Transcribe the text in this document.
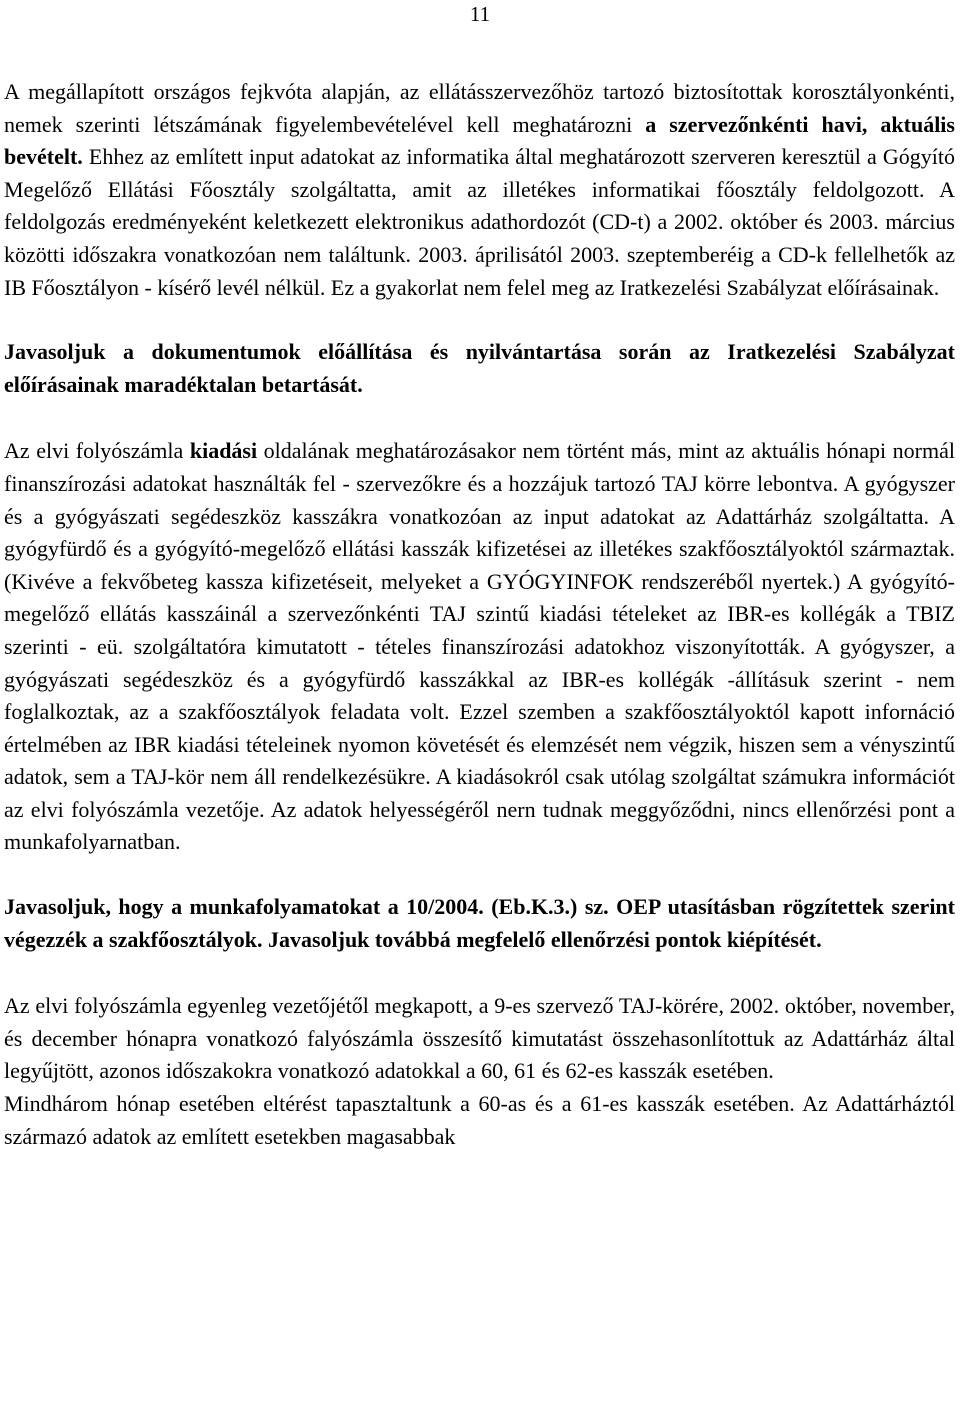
11

A megállapított országos fejkvóta alapján, az ellátásszervezőhöz tartozó biztosítottak korosztályonkénti, nemek szerinti létszámának figyelembevételével kell meghatározni a szervezőnkénti havi, aktuális bevételt. Ehhez az említett input adatokat az informatika által meghatározott szerveren keresztül a Gógyító Megelőző Ellátási Főosztály szolgáltatta, amit az illetékes informatikai főosztály feldolgozott. A feldolgozás eredményeként keletkezett elektronikus adathordozót (CD-t) a 2002. október és 2003. március közötti időszakra vonatkozóan nem találtunk. 2003. áprilisától 2003. szeptemberéig a CD-k fellelhetők az IB Főosztályon - kísérő levél nélkül. Ez a gyakorlat nem felel meg az Iratkezelési Szabályzat előírásainak.

Javasoljuk a dokumentumok előállítása és nyilvántartása során az Iratkezelési Szabályzat előírásainak maradéktalan betartását.

Az elvi folyószámla kiadási oldalának meghatározásakor nem történt más, mint az aktuális hónapi normál finanszírozási adatokat használták fel - szervezőkre és a hozzájuk tartozó TAJ körre lebontva. A gyógyszer és a gyógyászati segédeszköz kasszákra vonatkozóan az input adatokat az Adattárház szolgáltatta. A gyógyfürdő és a gyógyító-megelőző ellátási kasszák kifizetései az illetékes szakfőosztályoktól származtak. (Kivéve a fekvőbeteg kassza kifizetéseit, melyeket a GYÓGYINFOK rendszeréből nyertek.) A gyógyító-megelőző ellátás kasszáinál a szervezőnkénti TAJ szintű kiadási tételeket az IBR-es kollégák a TBIZ szerinti - eü. szolgáltatóra kimutatott - tételes finanszírozási adatokhoz viszonyították. A gyógyszer, a gyógyászati segédeszköz és a gyógyfürdő kasszákkal az IBR-es kollégák -állításuk szerint - nem foglalkoztak, az a szakfőosztályok feladata volt. Ezzel szemben a szakfőosztályoktól kapott infornáció értelmében az IBR kiadási tételeinek nyomon követését és elemzését nem végzik, hiszen sem a vényszintű adatok, sem a TAJ-kör nem áll rendelkezésükre. A kiadásokról csak utólag szolgáltat számukra információt az elvi folyószámla vezetője. Az adatok helyességéről nern tudnak meggyőződni, nincs ellenőrzési pont a munkafolyarnatban.

Javasoljuk, hogy a munkafolyamatokat a 10/2004. (Eb.K.3.) sz. OEP utasításban rögzítettek szerint végezzék a szakfőosztályok. Javasoljuk továbbá megfelelő ellenőrzési pontok kiépítését.

Az elvi folyószámla egyenleg vezetőjétől megkapott, a 9-es szervező TAJ-körére, 2002. október, november, és december hónapra vonatkozó falyószámla összesítő kimutatást összehasonlítottuk az Adattárház által legyűjtött, azonos időszakokra vonatkozó adatokkal a 60, 61 és 62-es kasszák esetében.

Mindhárom hónap esetében eltérést tapasztaltunk a 60-as és a 61-es kasszák esetében. Az Adattárháztól származó adatok az említett esetekben magasabbak
